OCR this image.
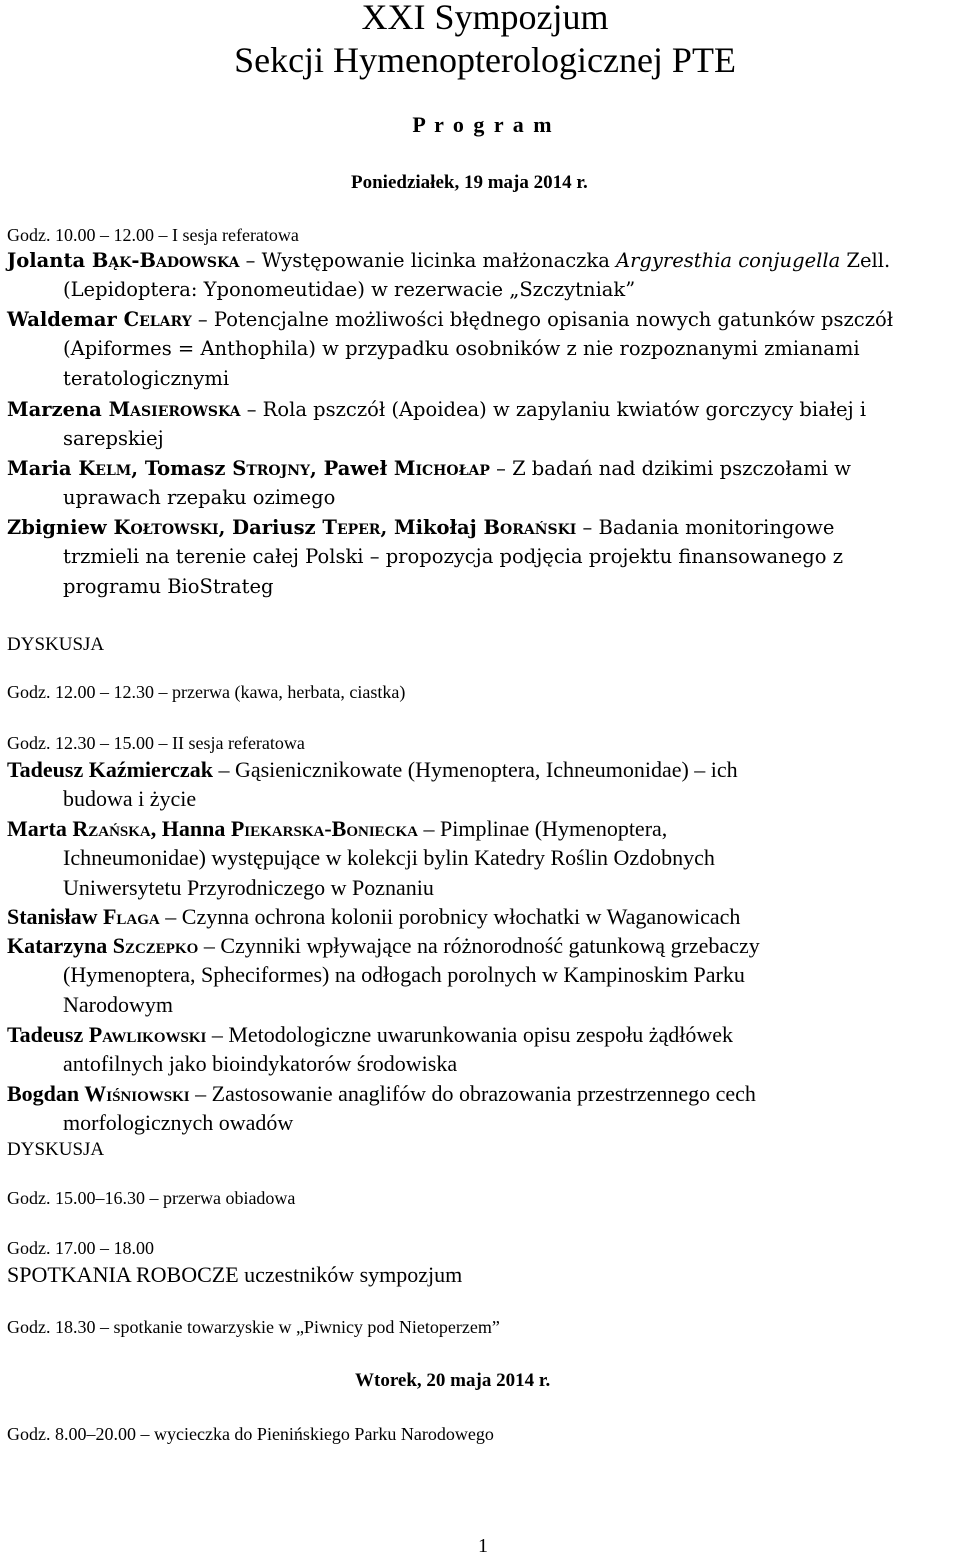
XXI Sympozjum
Sekcji Hymenopterologicznej PTE
P r o g r a m
Poniedziałek, 19 maja 2014 r.
Godz. 10.00 – 12.00 – I sesja referatowa
Jolanta Bąk-Badowska – Występowanie licinka małżonaczka Argyresthia conjugella Zell.
(Lepidoptera: Yponomeutidae) w rezerwacie „Szczytniak”
Waldemar Celary – Potencjalne możliwości błędnego opisania nowych gatunków pszczół
(Apiformes = Anthophila) w przypadku osobników z nie rozpoznanymi zmianami
teratologicznymi
Marzena Masierowska – Rola pszczół (Apoidea) w zapylaniu kwiatów gorczycy białej i
sarepskiej
Maria Kelm, Tomasz Strojny, Paweł Michołap – Z badań nad dzikimi pszczołami w
uprawach rzepaku ozimego
Zbigniew Kołtowski, Dariusz Teper, Mikołaj Borański – Badania monitoringowe
trzmieli na terenie całej Polski – propozycja podjęcia projektu finansowanego z
programu BioStrateg
DYSKUSJA
Godz. 12.00 – 12.30 – przerwa (kawa, herbata, ciastka)
Godz. 12.30 – 15.00 – II sesja referatowa
Tadeusz Kaźmierczak – Gąsienicznikowate (Hymenoptera, Ichneumonidae) – ich
budowa i życie
Marta Rzańska, Hanna Piekarska-Boniecka – Pimplinae (Hymenoptera,
Ichneumonidae) występujące w kolekcji bylin Katedry Roślin Ozdobnych
Uniwersytetu Przyrodniczego w Poznaniu
Stanisław Flaga – Czynna ochrona kolonii porobnicy włochatki w Waganowicach
Katarzyna Szczepko – Czynniki wpływające na różnorodność gatunkową grzebaczy
(Hymenoptera, Spheciformes) na odłogach porolnych w Kampinoskim Parku
Narodowym
Tadeusz Pawlikowski – Metodologiczne uwarunkowania opisu zespołu żądłówek
antofilnych jako bioindykatorów środowiska
Bogdan Wiśniowski – Zastosowanie anaglifów do obrazowania przestrzennego cech
morfologicznych owadów
DYSKUSJA
Godz. 15.00–16.30 – przerwa obiadowa
Godz. 17.00 – 18.00
SPOTKANIA ROBOCZE uczestników sympozjum
Godz. 18.30 – spotkanie towarzyskie w „Piwnicy pod Nietoperzem”
Wtorek, 20 maja 2014 r.
Godz. 8.00–20.00 – wycieczka do Pienińskiego Parku Narodowego
1
